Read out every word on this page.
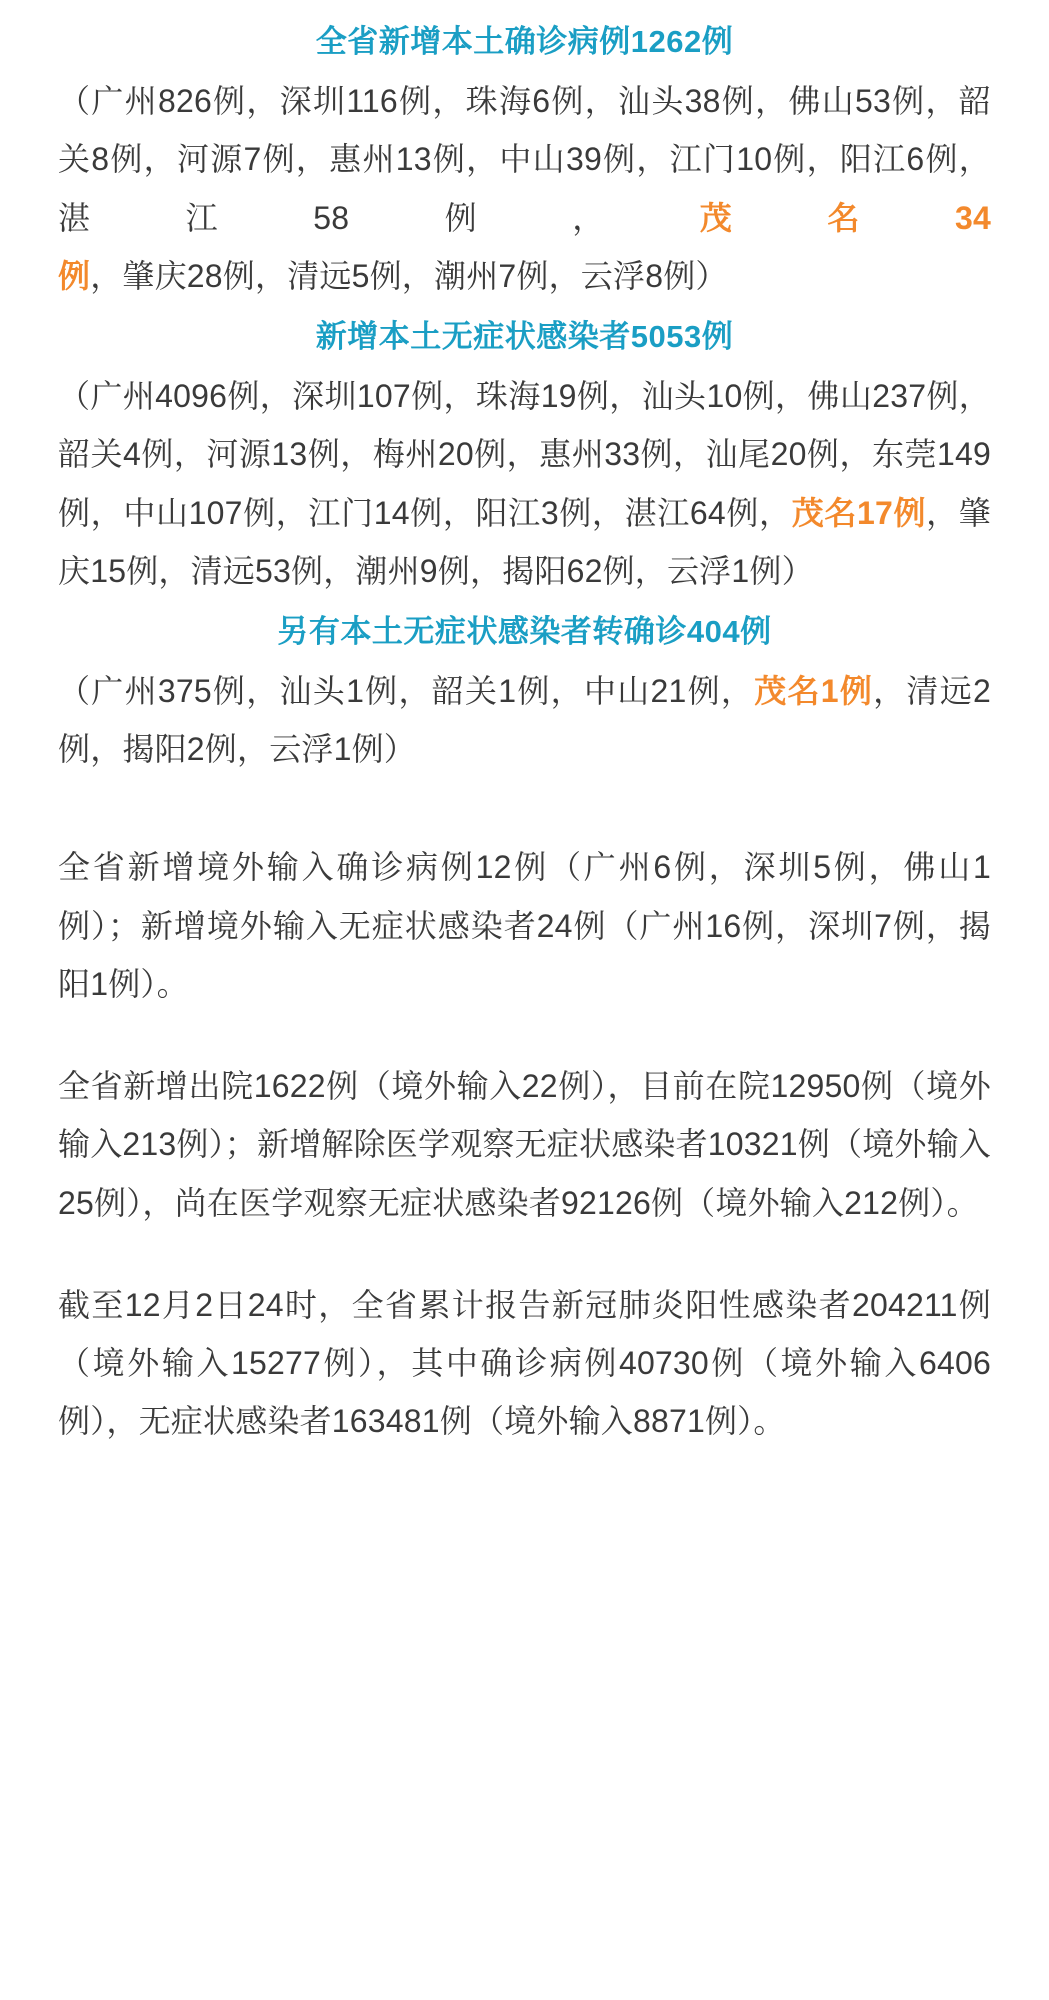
全省新增本土确诊病例1262例

（广州826例，深圳116例，珠海6例，汕头38例，佛山53例，韶关8例，河源7例，惠州13例，中山39例，江门10例，阳江6例，湛江58例，茂名34例，肇庆28例，清远5例，潮州7例，云浮8例）

新增本土无症状感染者5053例

（广州4096例，深圳107例，珠海19例，汕头10例，佛山237例，韶关4例，河源13例，梅州20例，惠州33例，汕尾20例，东莞149例，中山107例，江门14例，阳江3例，湛江64例，茂名17例，肇庆15例，清远53例，潮州9例，揭阳62例，云浮1例）

另有本土无症状感染者转确诊404例

（广州375例，汕头1例，韶关1例，中山21例，茂名1例，清远2例，揭阳2例，云浮1例）

全省新增境外输入确诊病例12例（广州6例，深圳5例，佛山1例）；新增境外输入无症状感染者24例（广州16例，深圳7例，揭阳1例）。

全省新增出院1622例（境外输入22例），目前在院12950例（境外输入213例）；新增解除医学观察无症状感染者10321例（境外输入25例），尚在医学观察无症状感染者92126例（境外输入212例）。

截至12月2日24时，全省累计报告新冠肺炎阳性感染者204211例（境外输入15277例），其中确诊病例40730例（境外输入6406例），无症状感染者163481例（境外输入8871例）。
